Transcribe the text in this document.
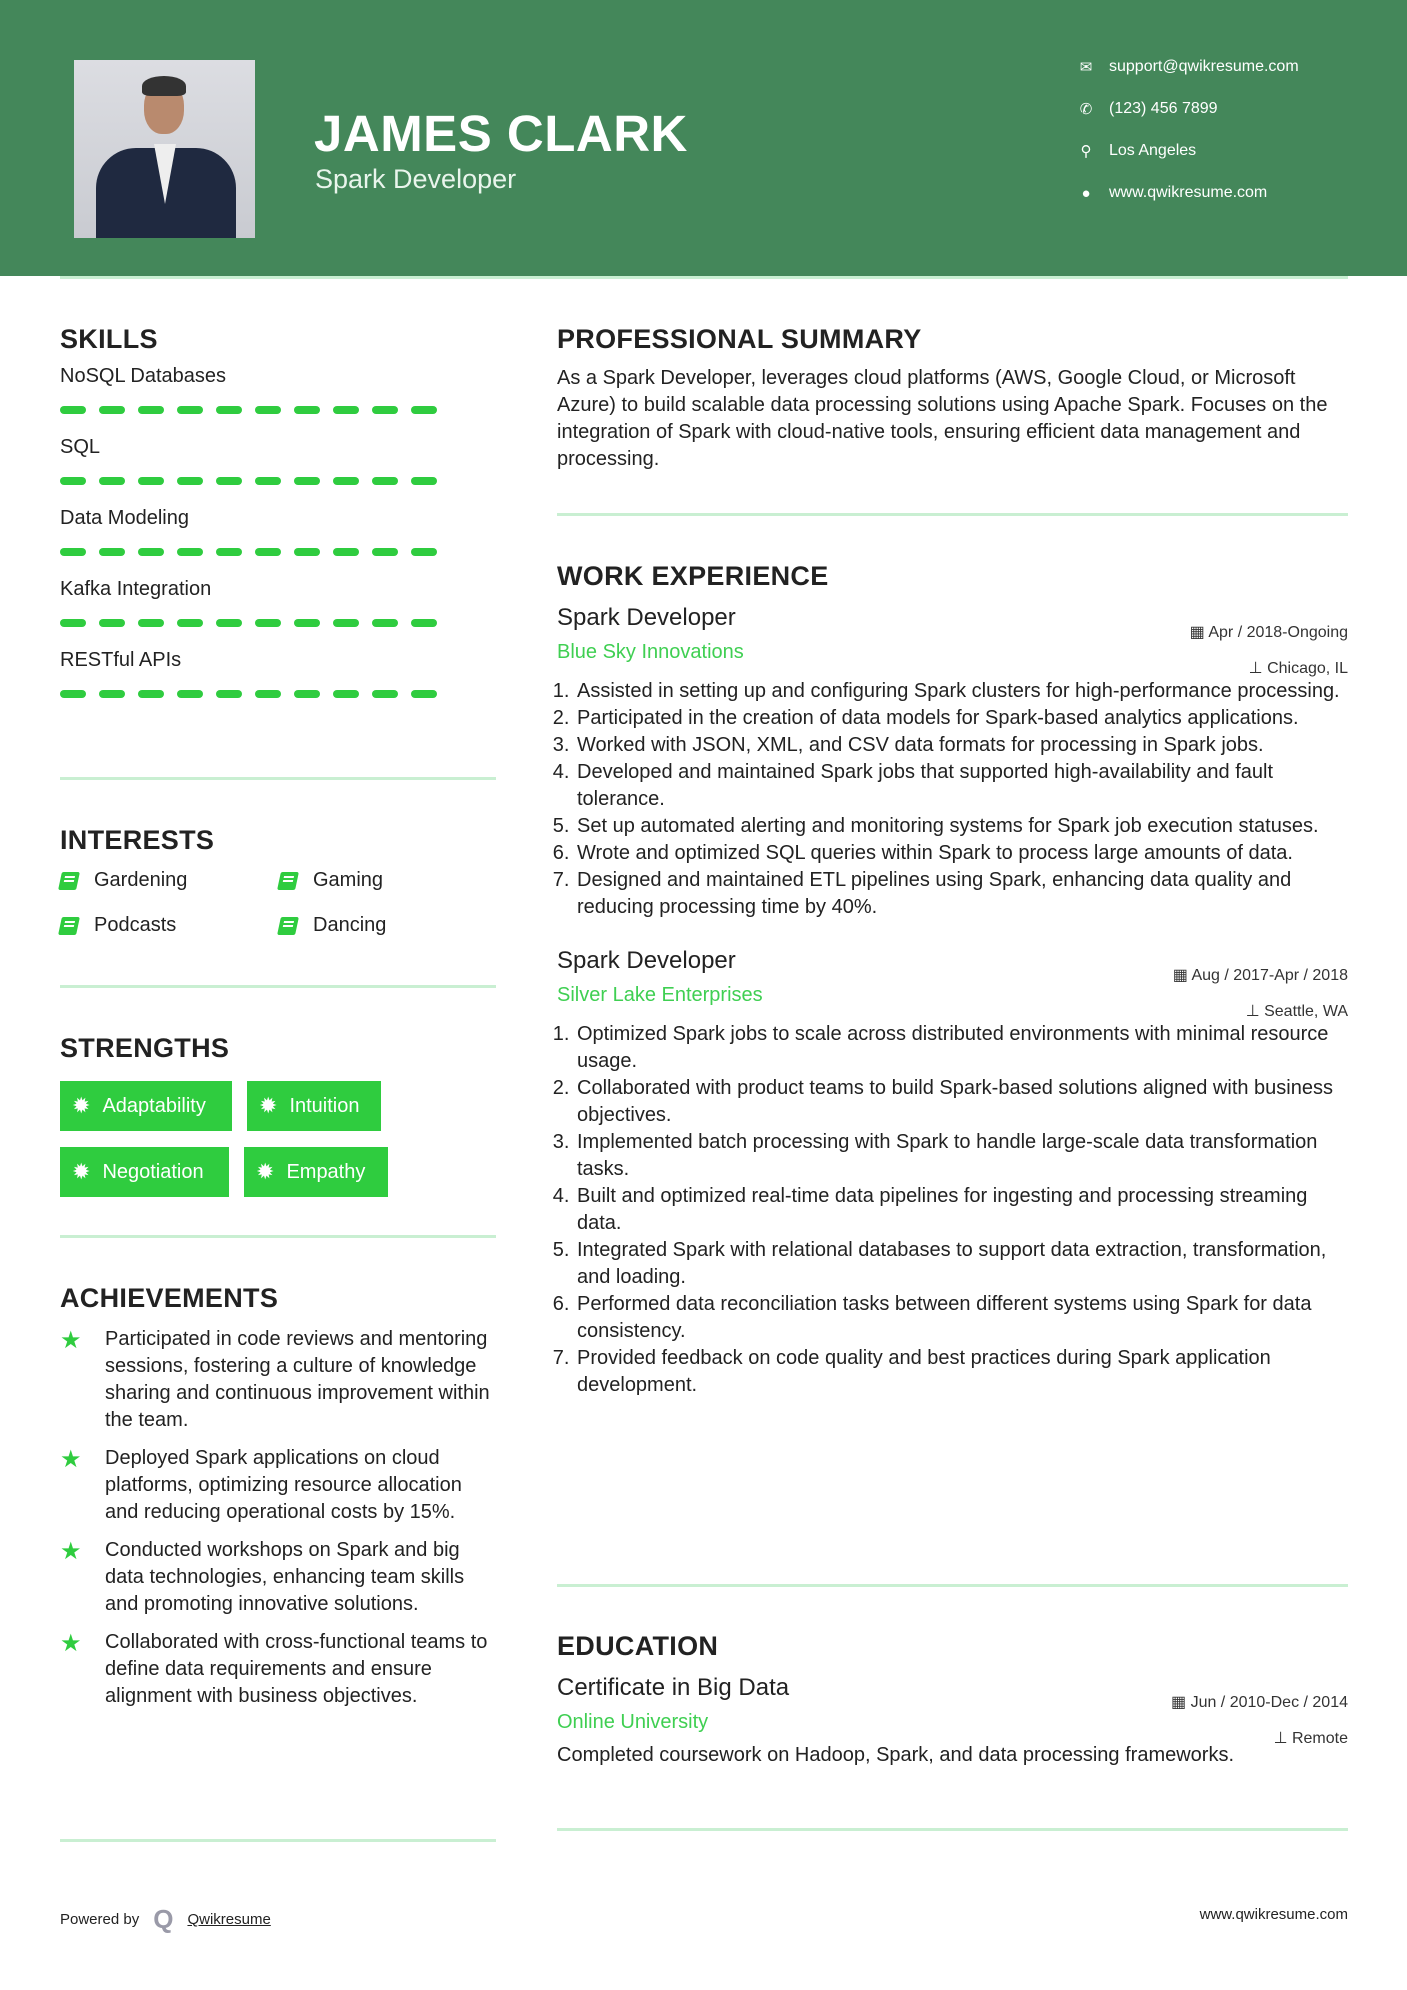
JAMES CLARK
Spark Developer
✉	support@qwikresume.com
✆	(123) 456 7899
⚲	Los Angeles
●	www.qwikresume.com
SKILLS
NoSQL Databases
SQL
Data Modeling
Kafka Integration
RESTful APIs
INTERESTS
Gardening	Gaming
Podcasts	Dancing
STRENGTHS
✹ Adaptability ✹ Intuition
✹ Negotiation ✹ Empathy
ACHIEVEMENTS
★	Participated in code reviews and mentoring sessions, fostering a culture of knowledge sharing and continuous improvement within the team.
★	Deployed Spark applications on cloud platforms, optimizing resource allocation and reducing operational costs by 15%.
★	Conducted workshops on Spark and big data technologies, enhancing team skills and promoting innovative solutions.
★	Collaborated with cross-functional teams to define data requirements and ensure alignment with business objectives.
PROFESSIONAL SUMMARY

As a Spark Developer, leverages cloud platforms (AWS, Google Cloud, or Microsoft Azure) to build scalable data processing solutions using Apache Spark. Focuses on the integration of Spark with cloud-native tools, ensuring efficient data management and processing.

WORK EXPERIENCE
Spark Developer
Blue Sky Innovations
▦ Apr / 2018-Ongoing
⊥ Chicago, IL
1. Assisted in setting up and configuring Spark clusters for high-performance processing.
2. Participated in the creation of data models for Spark-based analytics applications.
3. Worked with JSON, XML, and CSV data formats for processing in Spark jobs.
4. Developed and maintained Spark jobs that supported high-availability and fault tolerance.
5. Set up automated alerting and monitoring systems for Spark job execution statuses.
6. Wrote and optimized SQL queries within Spark to process large amounts of data.
7. Designed and maintained ETL pipelines using Spark, enhancing data quality and reducing processing time by 40%.
Spark Developer
Silver Lake Enterprises
▦ Aug / 2017-Apr / 2018
⊥ Seattle, WA
1. Optimized Spark jobs to scale across distributed environments with minimal resource usage.
2. Collaborated with product teams to build Spark-based solutions aligned with business objectives.
3. Implemented batch processing with Spark to handle large-scale data transformation tasks.
4. Built and optimized real-time data pipelines for ingesting and processing streaming data.
5. Integrated Spark with relational databases to support data extraction, transformation, and loading.
6. Performed data reconciliation tasks between different systems using Spark for data consistency.
7. Provided feedback on code quality and best practices during Spark application development.
EDUCATION
Certificate in Big Data
Online University
▦ Jun / 2010-Dec / 2014
⊥ Remote

Completed coursework on Hadoop, Spark, and data processing frameworks.

Powered by Q Qwikresume	www.qwikresume.com
